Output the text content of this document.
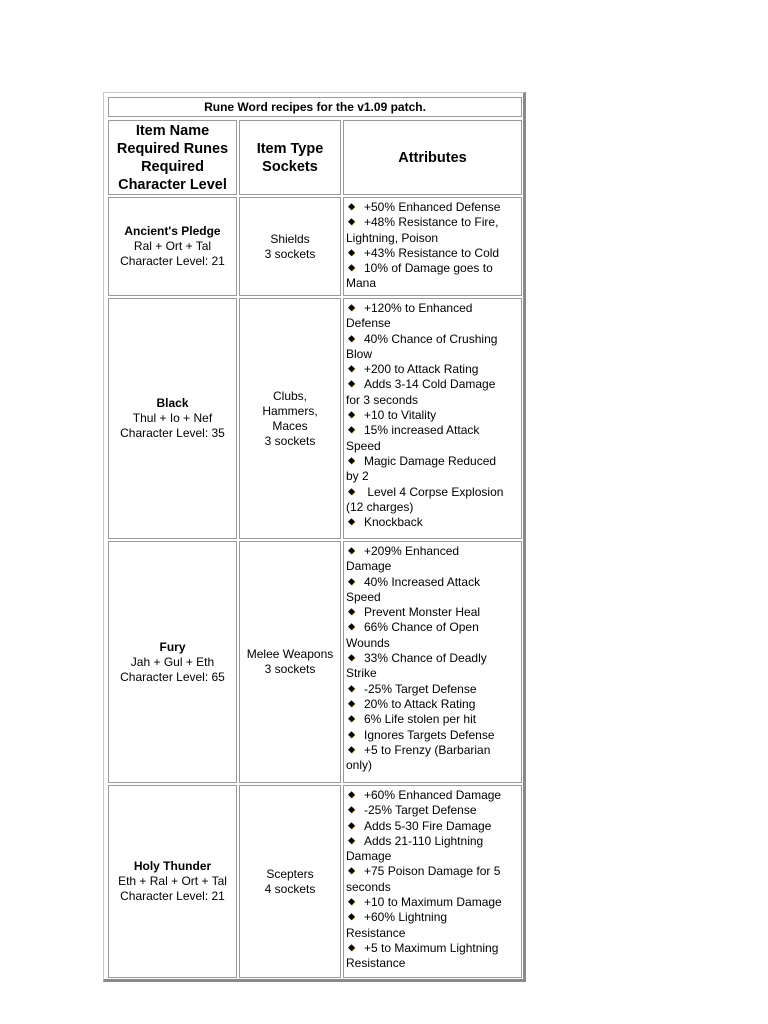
Rune Word recipes for the v1.09 patch.
Item Name
Required Runes
Required
Character Level
Item Type
Sockets
Attributes
Ancient's Pledge
Ral + Ort + Tal
Character Level: 21
Shields
3 sockets
◆ +50% Enhanced Defense
◆ +48% Resistance to Fire,
Lightning, Poison
◆ +43% Resistance to Cold
◆ 10% of Damage goes to
Mana
Black
Thul + Io + Nef
Character Level: 35
Clubs,
Hammers,
Maces
3 sockets
◆ +120% to Enhanced
Defense
◆ 40% Chance of Crushing
Blow
◆ +200 to Attack Rating
◆ Adds 3-14 Cold Damage
for 3 seconds
◆ +10 to Vitality
◆ 15% increased Attack
Speed
◆ Magic Damage Reduced
by 2
◆ Level 4 Corpse Explosion
(12 charges)
◆ Knockback
Fury
Jah + Gul + Eth
Character Level: 65
Melee Weapons
3 sockets
◆ +209% Enhanced
Damage
◆ 40% Increased Attack
Speed
◆ Prevent Monster Heal
◆ 66% Chance of Open
Wounds
◆ 33% Chance of Deadly
Strike
◆ -25% Target Defense
◆ 20% to Attack Rating
◆ 6% Life stolen per hit
◆ Ignores Targets Defense
◆ +5 to Frenzy (Barbarian
only)
Holy Thunder
Eth + Ral + Ort + Tal
Character Level: 21
Scepters
4 sockets
◆ +60% Enhanced Damage
◆ -25% Target Defense
◆ Adds 5-30 Fire Damage
◆ Adds 21-110 Lightning
Damage
◆ +75 Poison Damage for 5
seconds
◆ +10 to Maximum Damage
◆ +60% Lightning
Resistance
◆ +5 to Maximum Lightning
Resistance
